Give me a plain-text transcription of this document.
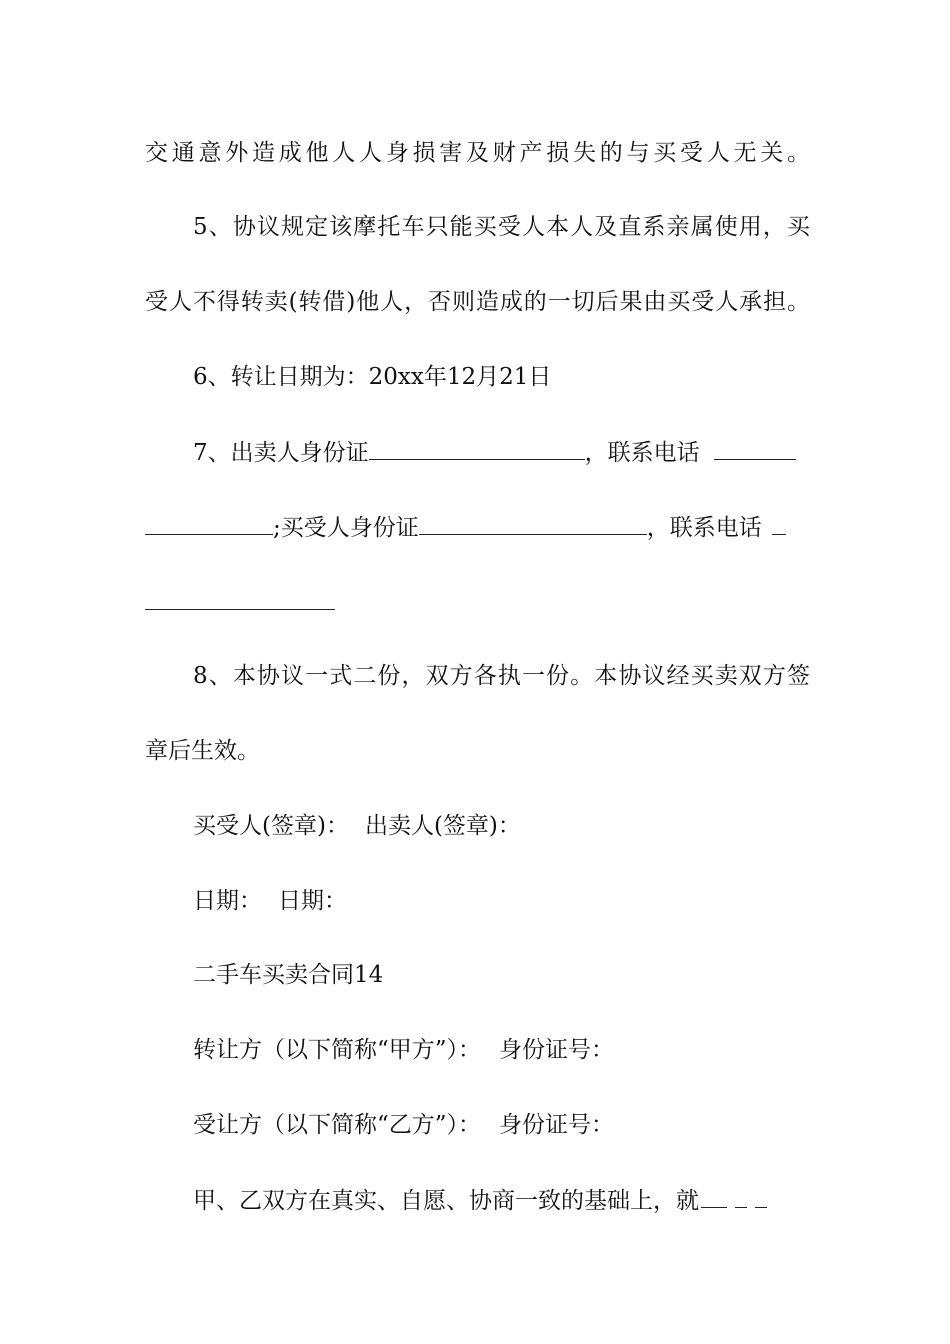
交通意外造成他人人身损害及财产损失的与买受人无关。
5、协议规定该摩托车只能买受人本人及直系亲属使用，买
受人不得转卖(转借)他人，否则造成的一切后果由买受人承担。
6、转让日期为：20xx年12月21日
7、出卖人身份证	，联系电话
;买受人身份证	，联系电话
8、本协议一式二份，双方各执一份。本协议经买卖双方签
章后生效。
买受人(签章)： 出卖人(签章)：
日期： 日期：
二手车买卖合同14
转让方（以下简称“甲方”）： 身份证号：
受让方（以下简称“乙方”）： 身份证号：
甲、乙双方在真实、自愿、协商一致的基础上，就
